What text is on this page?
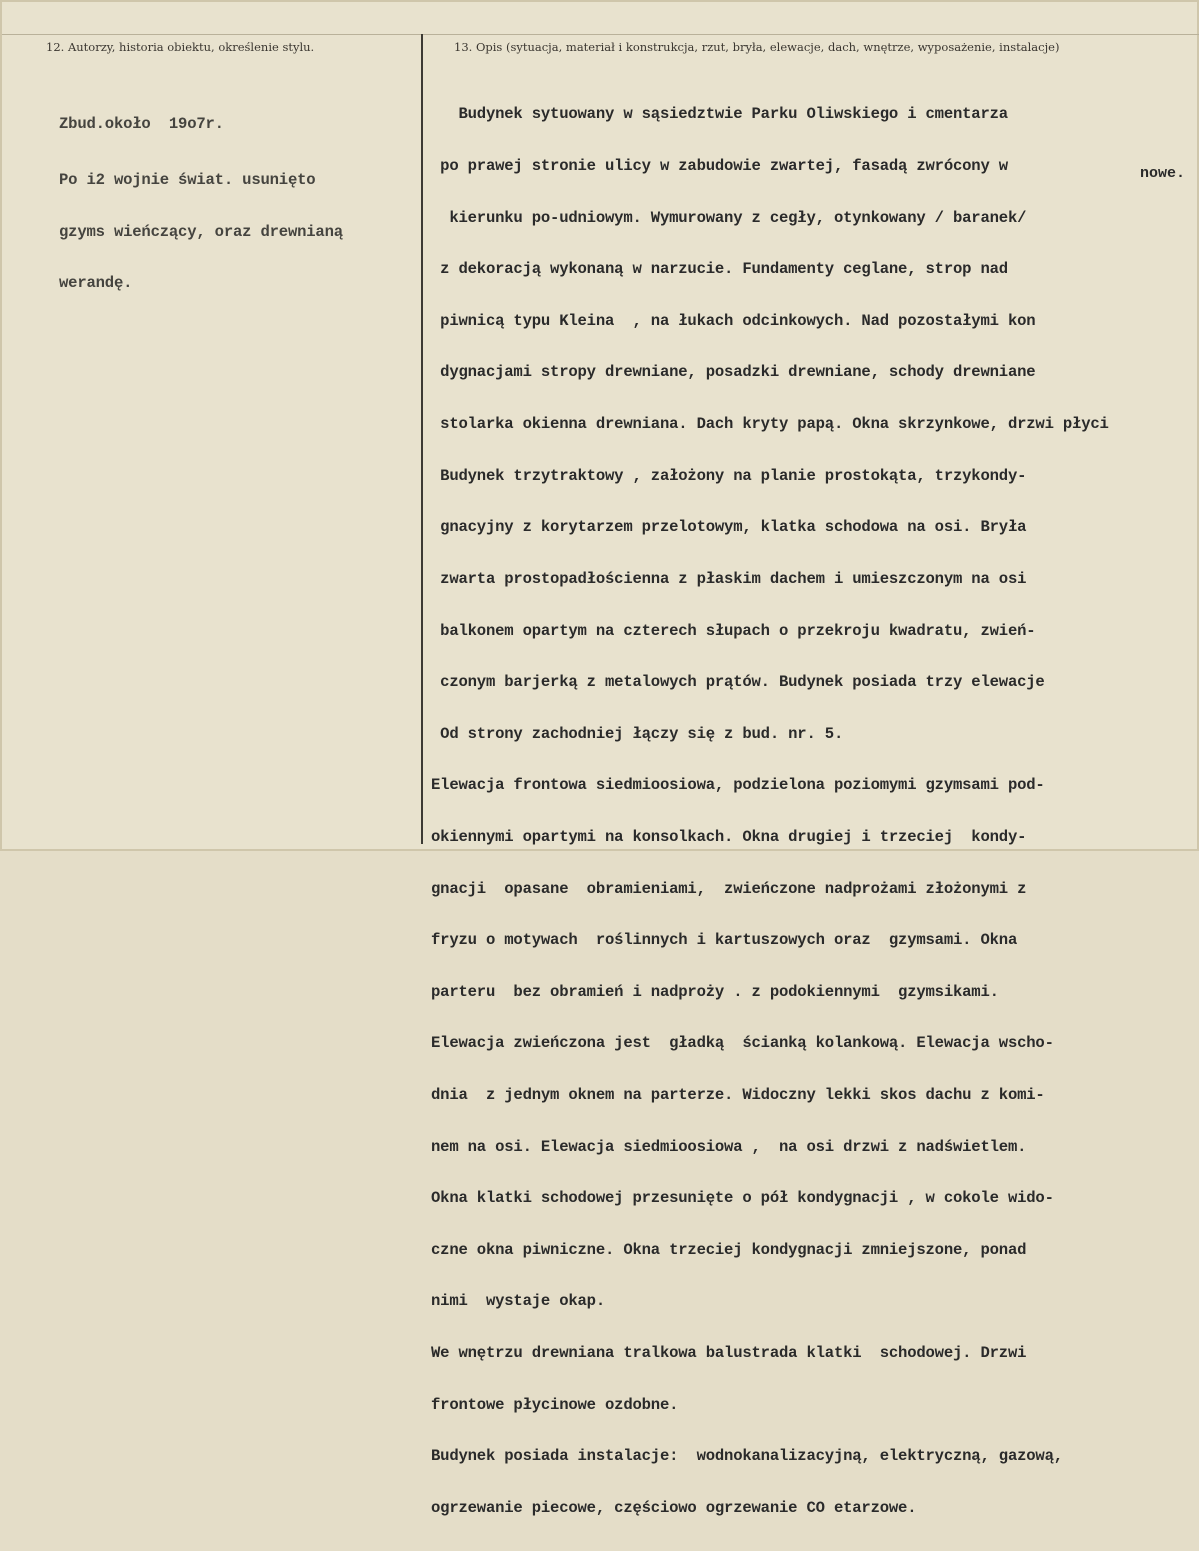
12. Autorzy, historia obiektu, określenie stylu.	13. Opis (sytuacja, materiał i konstrukcja, rzut, bryła, elewacje, dach, wnętrze, wyposażenie, instalacje)

Zbud.około  19o7r.

Po i2 wojnie świat. usunięto

gzyms wieńczący, oraz drewnianą

werandę.

Budynek sytuowany w sąsiedztwie Parku Oliwskiego i cmentarza

po prawej stronie ulicy w zabudowie zwartej, fasadą zwrócony w

kierunku po‑udniowym. Wymurowany z cegły, otynkowany / baranek/

z dekoracją wykonaną w narzucie. Fundamenty ceglane, strop nad

piwnicą typu Kleina  , na łukach odcinkowych. Nad pozostałymi kon

dygnacjami stropy drewniane, posadzki drewniane, schody drewniane

stolarka okienna drewniana. Dach kryty papą. Okna skrzynkowe, drzwi płyci

Budynek trzytraktowy , założony na planie prostokąta, trzykondy-

gnacyjny z korytarzem przelotowym, klatka schodowa na osi. Bryła

zwarta prostopadłościenna z płaskim dachem i umieszczonym na osi

balkonem opartym na czterech słupach o przekroju kwadratu, zwień-

czonym barjerką z metalowych prątów. Budynek posiada trzy elewacje

Od strony zachodniej łączy się z bud. nr. 5.

Elewacja frontowa siedmioosiowa, podzielona poziomymi gzymsami pod-

okiennymi opartymi na konsolkach. Okna drugiej i trzeciej  kondy-

gnacji  opasane  obramieniami,  zwieńczone nadprożami złożonymi z

fryzu o motywach  roślinnych i kartuszowych oraz  gzymsami. Okna

parteru  bez obramień i nadproży . z podokiennymi  gzymsikami.

Elewacja zwieńczona jest  gładką  ścianką kolankową. Elewacja wscho-

dnia  z jednym oknem na parterze. Widoczny lekki skos dachu z komi-

nem na osi. Elewacja siedmioosiowa ,  na osi drzwi z nadświetlem.

Okna klatki schodowej przesunięte o pół kondygnacji , w cokole wido-

czne okna piwniczne. Okna trzeciej kondygnacji zmniejszone, ponad

nimi  wystaje okap.

We wnętrzu drewniana tralkowa balustrada klatki  schodowej. Drzwi

frontowe płycinowe ozdobne.

Budynek posiada instalacje:  wodnokanalizacyjną, elektryczną, gazową,

ogrzewanie piecowe, częściowo ogrzewanie CO etarzowe.

nowe.
